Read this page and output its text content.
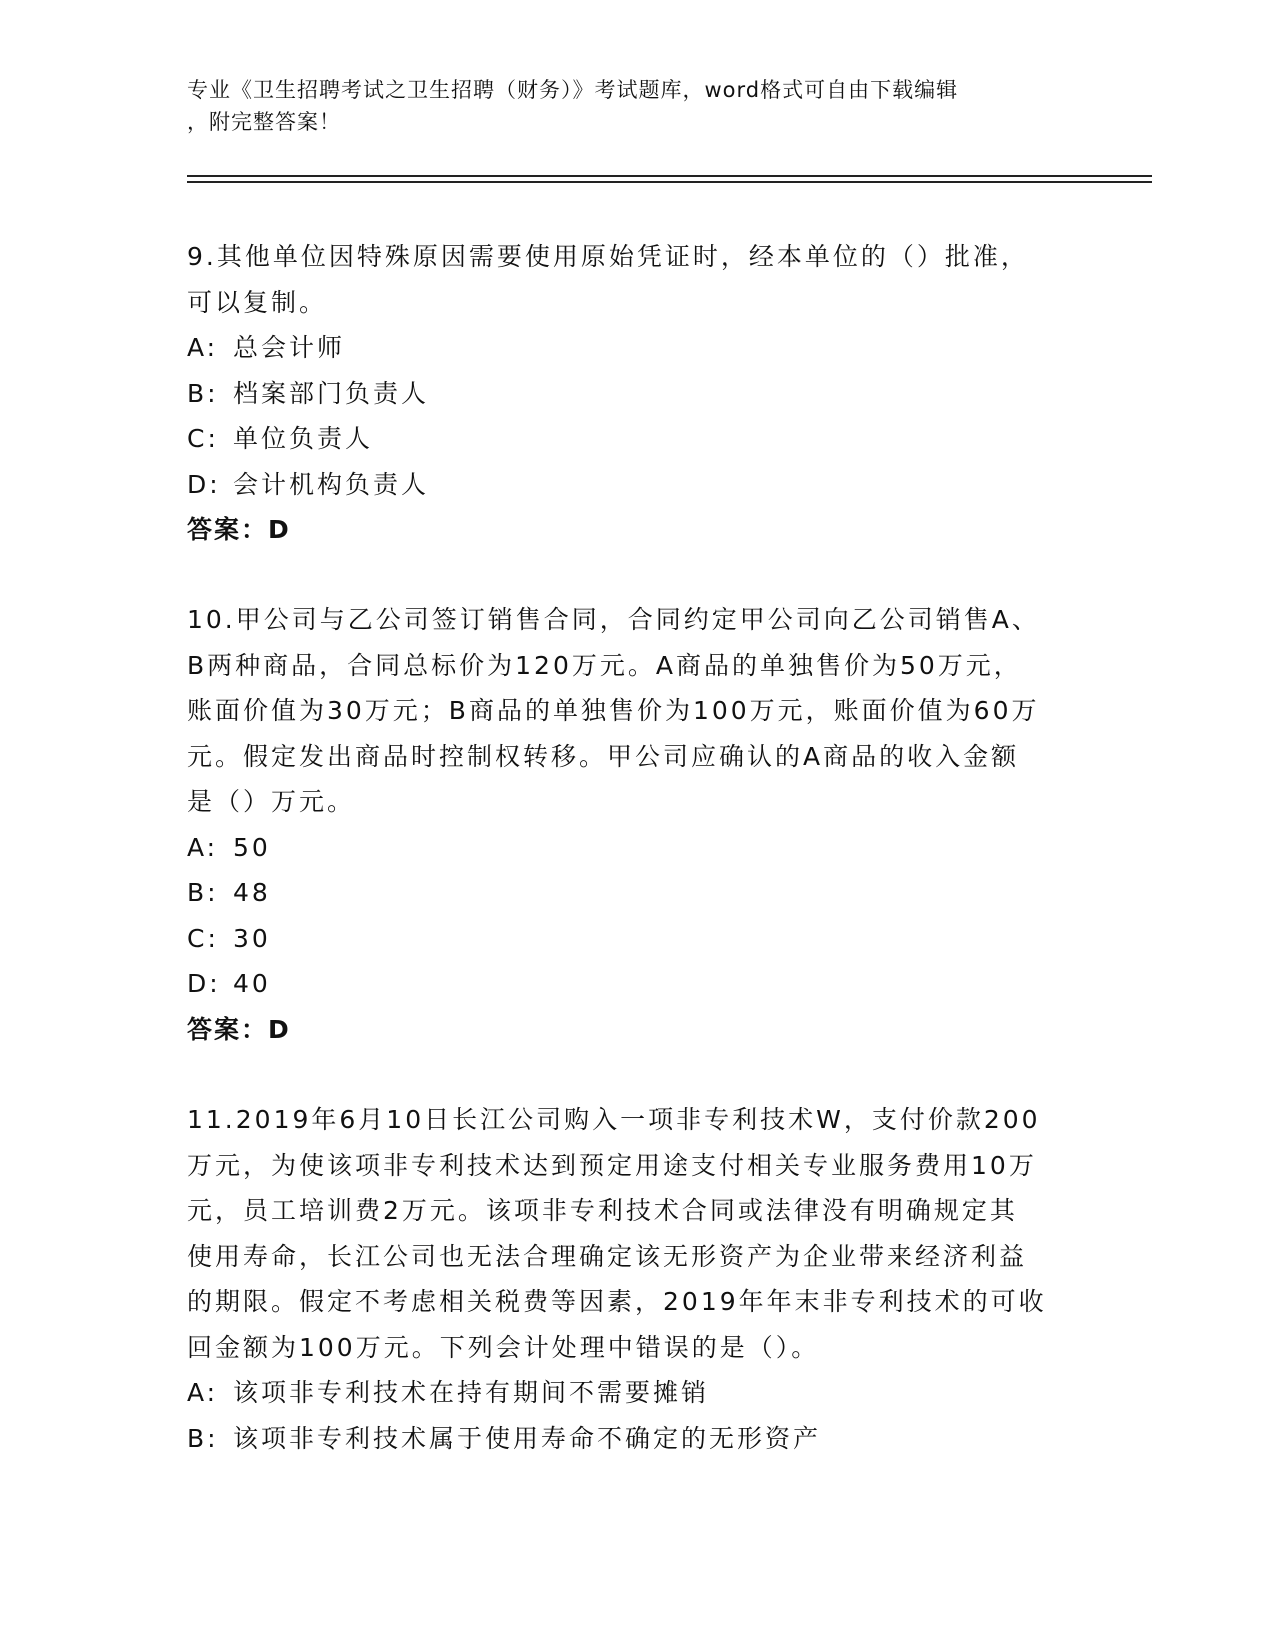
专业《卫生招聘考试之卫生招聘（财务）》考试题库，word格式可自由下载编辑
，附完整答案！
9.其他单位因特殊原因需要使用原始凭证时，经本单位的（）批准，
可以复制。
A: 总会计师
B: 档案部门负责人
C: 单位负责人
D: 会计机构负责人
答案：D
10.甲公司与乙公司签订销售合同，合同约定甲公司向乙公司销售A、
B两种商品，合同总标价为120万元。A商品的单独售价为50万元，
账面价值为30万元；B商品的单独售价为100万元，账面价值为60万
元。假定发出商品时控制权转移。甲公司应确认的A商品的收入金额
是（）万元。
A: 50
B: 48
C: 30
D: 40
答案：D
11.2019年6月10日长江公司购入一项非专利技术W，支付价款200
万元，为使该项非专利技术达到预定用途支付相关专业服务费用10万
元，员工培训费2万元。该项非专利技术合同或法律没有明确规定其
使用寿命，长江公司也无法合理确定该无形资产为企业带来经济利益
的期限。假定不考虑相关税费等因素，2019年年末非专利技术的可收
回金额为100万元。下列会计处理中错误的是（）。
A: 该项非专利技术在持有期间不需要摊销
B: 该项非专利技术属于使用寿命不确定的无形资产
